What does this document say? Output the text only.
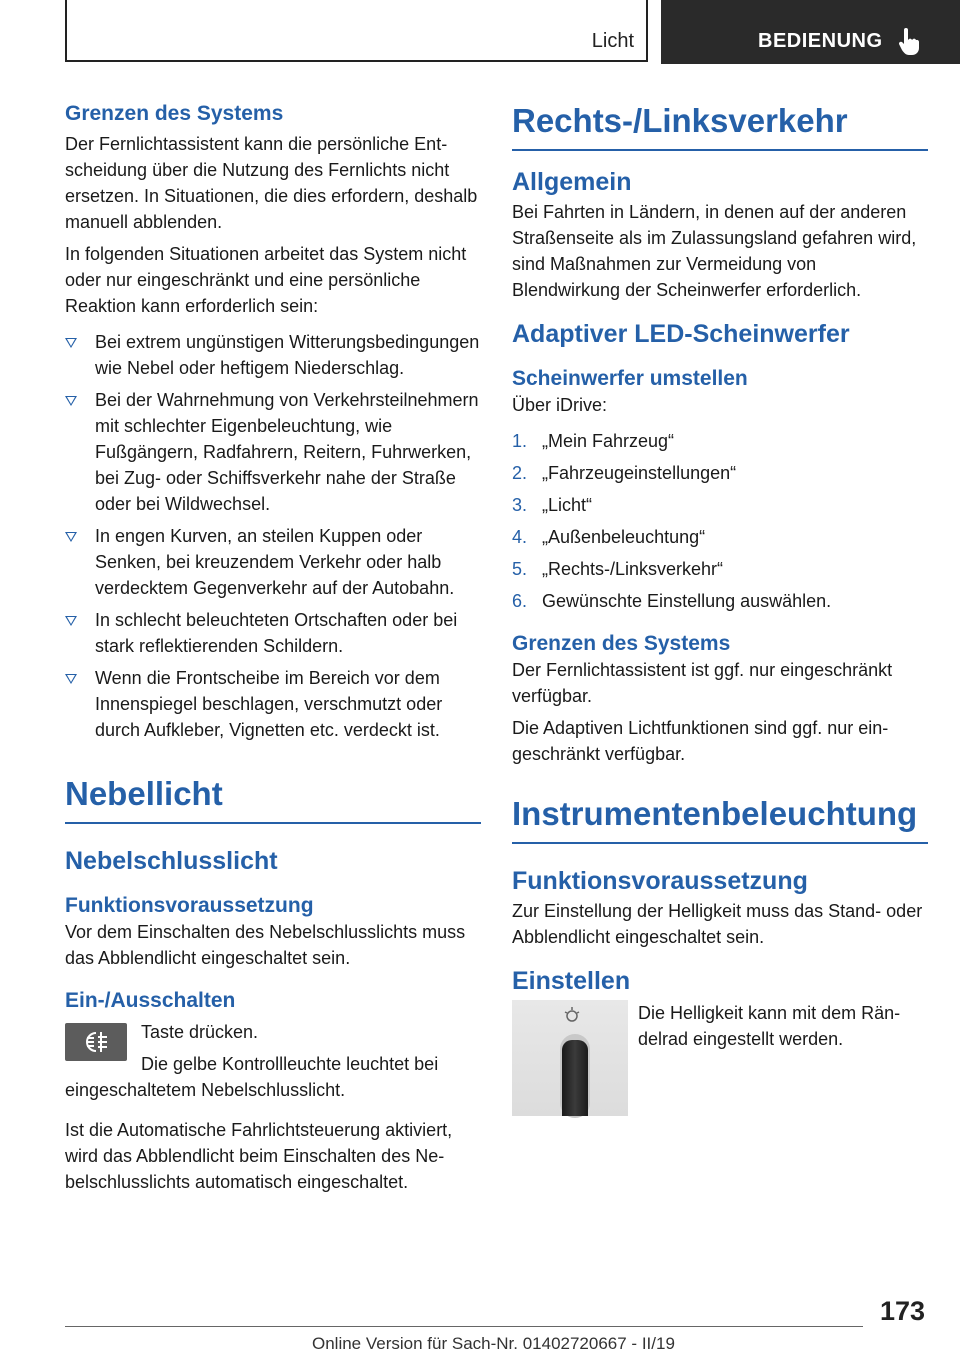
Licht	BEDIENUNG
Grenzen des Systems

Der Fernlichtassistent kann die persönliche Entscheidung über die Nutzung des Fernlichts nicht ersetzen. In Situationen, die dies erfordern, deshalb manuell abblenden.

In folgenden Situationen arbeitet das System nicht oder nur eingeschränkt und eine persönliche Reaktion kann erforderlich sein:

Bei extrem ungünstigen Witterungsbedingungen wie Nebel oder heftigem Niederschlag.
Bei der Wahrnehmung von Verkehrsteilnehmern mit schlechter Eigenbeleuchtung, wie Fußgängern, Radfahrern, Reitern, Fuhrwerken, bei Zug- oder Schiffsverkehr nahe der Straße oder bei Wildwechsel.
In engen Kurven, an steilen Kuppen oder Senken, bei kreuzendem Verkehr oder halb verdecktem Gegenverkehr auf der Autobahn.
In schlecht beleuchteten Ortschaften oder bei stark reflektierenden Schildern.
Wenn die Frontscheibe im Bereich vor dem Innenspiegel beschlagen, verschmutzt oder durch Aufkleber, Vignetten etc. verdeckt ist.
Nebellicht
Nebelschlusslicht
Funktionsvoraussetzung

Vor dem Einschalten des Nebelschlusslichts muss das Abblendlicht eingeschaltet sein.

Ein-/Ausschalten

Taste drücken.

Die gelbe Kontrollleuchte leuchtet bei eingeschaltetem Nebelschlusslicht.

Ist die Automatische Fahrlichtsteuerung aktiviert, wird das Abblendlicht beim Einschalten des Nebelschlusslichts automatisch eingeschaltet.

Rechts-/Linksverkehr
Allgemein

Bei Fahrten in Ländern, in denen auf der anderen Straßenseite als im Zulassungsland gefahren wird, sind Maßnahmen zur Vermeidung von Blendwirkung der Scheinwerfer erforderlich.

Adaptiver LED-Scheinwerfer
Scheinwerfer umstellen

Über iDrive:

1. „Mein Fahrzeug“
2. „Fahrzeugeinstellungen“
3. „Licht“
4. „Außenbeleuchtung“
5. „Rechts-/Linksverkehr“
6. Gewünschte Einstellung auswählen.
Grenzen des Systems

Der Fernlichtassistent ist ggf. nur eingeschränkt verfügbar.

Die Adaptiven Lichtfunktionen sind ggf. nur eingeschränkt verfügbar.

Instrumentenbeleuchtung
Funktionsvoraussetzung

Zur Einstellung der Helligkeit muss das Stand- oder Abblendlicht eingeschaltet sein.

Einstellen

Die Helligkeit kann mit dem Rändelrad eingestellt werden.

173
Online Version für Sach-Nr. 01402720667 - II/19
